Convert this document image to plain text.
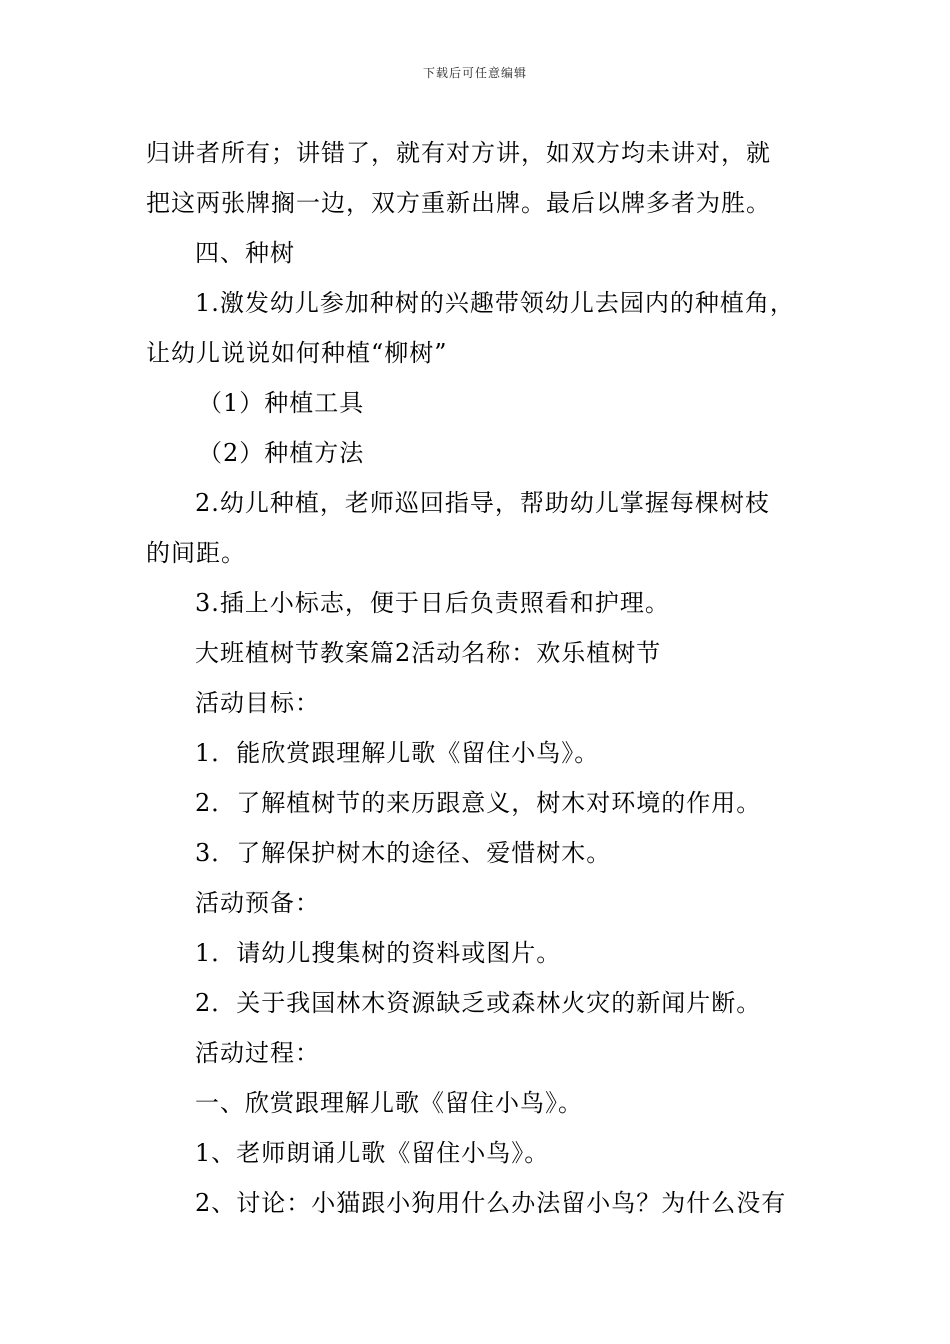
下载后可任意编辑
归讲者所有；讲错了，就有对方讲，如双方均未讲对，就
把这两张牌搁一边，双方重新出牌。最后以牌多者为胜。
四、种树
1.激发幼儿参加种树的兴趣带领幼儿去园内的种植角，
让幼儿说说如何种植“柳树”
（1）种植工具
（2）种植方法
2.幼儿种植，老师巡回指导，帮助幼儿掌握每棵树枝
的间距。
3.插上小标志，便于日后负责照看和护理。
大班植树节教案篇2活动名称：欢乐植树节
活动目标：
1．能欣赏跟理解儿歌《留住小鸟》。
2．了解植树节的来历跟意义，树木对环境的作用。
3．了解保护树木的途径、爱惜树木。
活动预备：
1．请幼儿搜集树的资料或图片。
2．关于我国林木资源缺乏或森林火灾的新闻片断。
活动过程：
一、欣赏跟理解儿歌《留住小鸟》。
1、老师朗诵儿歌《留住小鸟》。
2、讨论：小猫跟小狗用什么办法留小鸟？为什么没有
